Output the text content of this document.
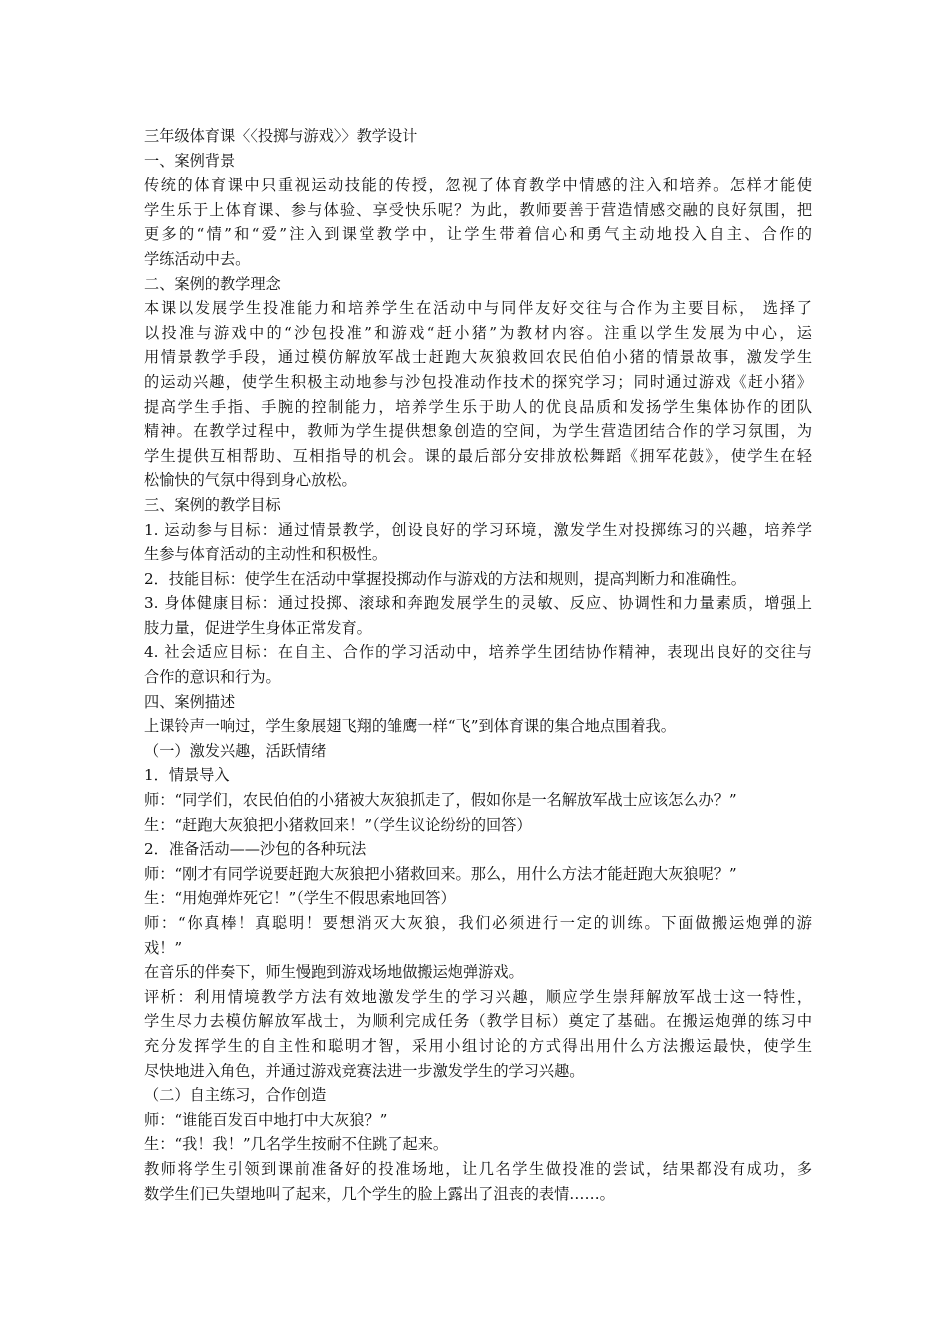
三年级体育课〈〈投掷与游戏〉〉教学设计
一、案例背景
传统的体育课中只重视运动技能的传授，忽视了体育教学中情感的注入和培养。怎样才能使
学生乐于上体育课、参与体验、享受快乐呢？为此，教师要善于营造情感交融的良好氛围，把
更多的“情”和“爱”注入到课堂教学中，让学生带着信心和勇气主动地投入自主、合作的
学练活动中去。
二、案例的教学理念
本课以发展学生投准能力和培养学生在活动中与同伴友好交往与合作为主要目标， 选择了
以投准与游戏中的“沙包投准”和游戏“赶小猪”为教材内容。注重以学生发展为中心，运
用情景教学手段，通过模仿解放军战士赶跑大灰狼救回农民伯伯小猪的情景故事，激发学生
的运动兴趣，使学生积极主动地参与沙包投准动作技术的探究学习；同时通过游戏《赶小猪》
提高学生手指、手腕的控制能力，培养学生乐于助人的优良品质和发扬学生集体协作的团队
精神。在教学过程中，教师为学生提供想象创造的空间，为学生营造团结合作的学习氛围，为
学生提供互相帮助、互相指导的机会。课的最后部分安排放松舞蹈《拥军花鼓》，使学生在轻
松愉快的气氛中得到身心放松。
三、案例的教学目标
1. 运动参与目标：通过情景教学，创设良好的学习环境，激发学生对投掷练习的兴趣，培养学
生参与体育活动的主动性和积极性。
2．技能目标：使学生在活动中掌握投掷动作与游戏的方法和规则，提高判断力和准确性。
3. 身体健康目标：通过投掷、滚球和奔跑发展学生的灵敏、反应、协调性和力量素质，增强上
肢力量，促进学生身体正常发育。
4. 社会适应目标：在自主、合作的学习活动中，培养学生团结协作精神，表现出良好的交往与
合作的意识和行为。
四、案例描述
上课铃声一响过，学生象展翅飞翔的雏鹰一样“飞”到体育课的集合地点围着我。
（一）激发兴趣，活跃情绪
1．情景导入
师：“同学们，农民伯伯的小猪被大灰狼抓走了，假如你是一名解放军战士应该怎么办？”
生：“赶跑大灰狼把小猪救回来！”（学生议论纷纷的回答）
2．准备活动——沙包的各种玩法
师：“刚才有同学说要赶跑大灰狼把小猪救回来。那么，用什么方法才能赶跑大灰狼呢？”
生：“用炮弹炸死它！”（学生不假思索地回答）
师：“你真棒！真聪明！要想消灭大灰狼，我们必须进行一定的训练。下面做搬运炮弹的游
戏！”
在音乐的伴奏下，师生慢跑到游戏场地做搬运炮弹游戏。
评析：利用情境教学方法有效地激发学生的学习兴趣，顺应学生崇拜解放军战士这一特性，
学生尽力去模仿解放军战士，为顺利完成任务（教学目标）奠定了基础。在搬运炮弹的练习中
充分发挥学生的自主性和聪明才智，采用小组讨论的方式得出用什么方法搬运最快，使学生
尽快地进入角色，并通过游戏竞赛法进一步激发学生的学习兴趣。
（二）自主练习，合作创造
师：“谁能百发百中地打中大灰狼？”
生：“我！我！”几名学生按耐不住跳了起来。
教师将学生引领到课前准备好的投准场地，让几名学生做投准的尝试，结果都没有成功，多
数学生们已失望地叫了起来，几个学生的脸上露出了沮丧的表情……。
